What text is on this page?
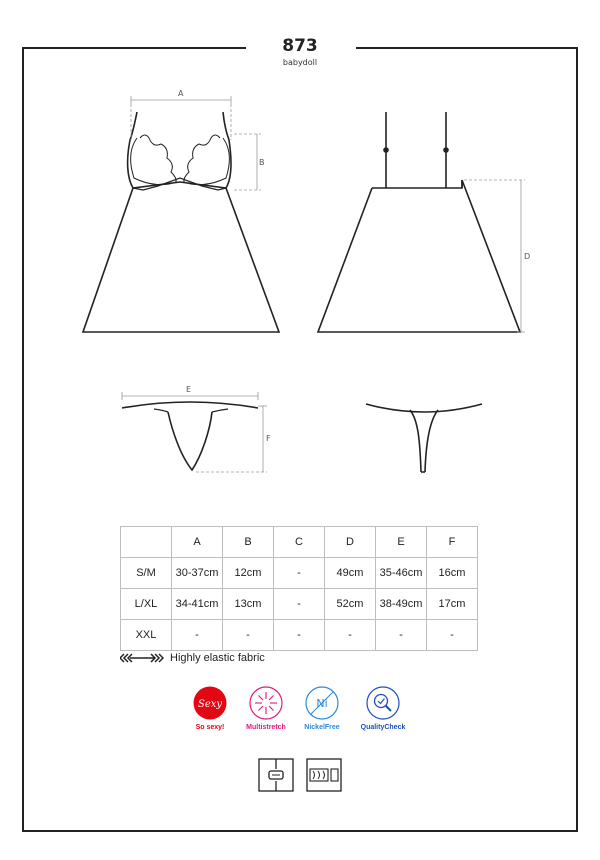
873
babydoll
A
B
D
E
F
	A	B	C	D	E	F
S/M	30-37cm	12cm	-	49cm	35-46cm	16cm
L/XL	34-41cm	13cm	-	52cm	38-49cm	17cm
XXL	-	-	-	-	-	-
Highly elastic fabric
Sexy
So sexy!	Multistretch
Ni
NickelFree	QualityCheck
